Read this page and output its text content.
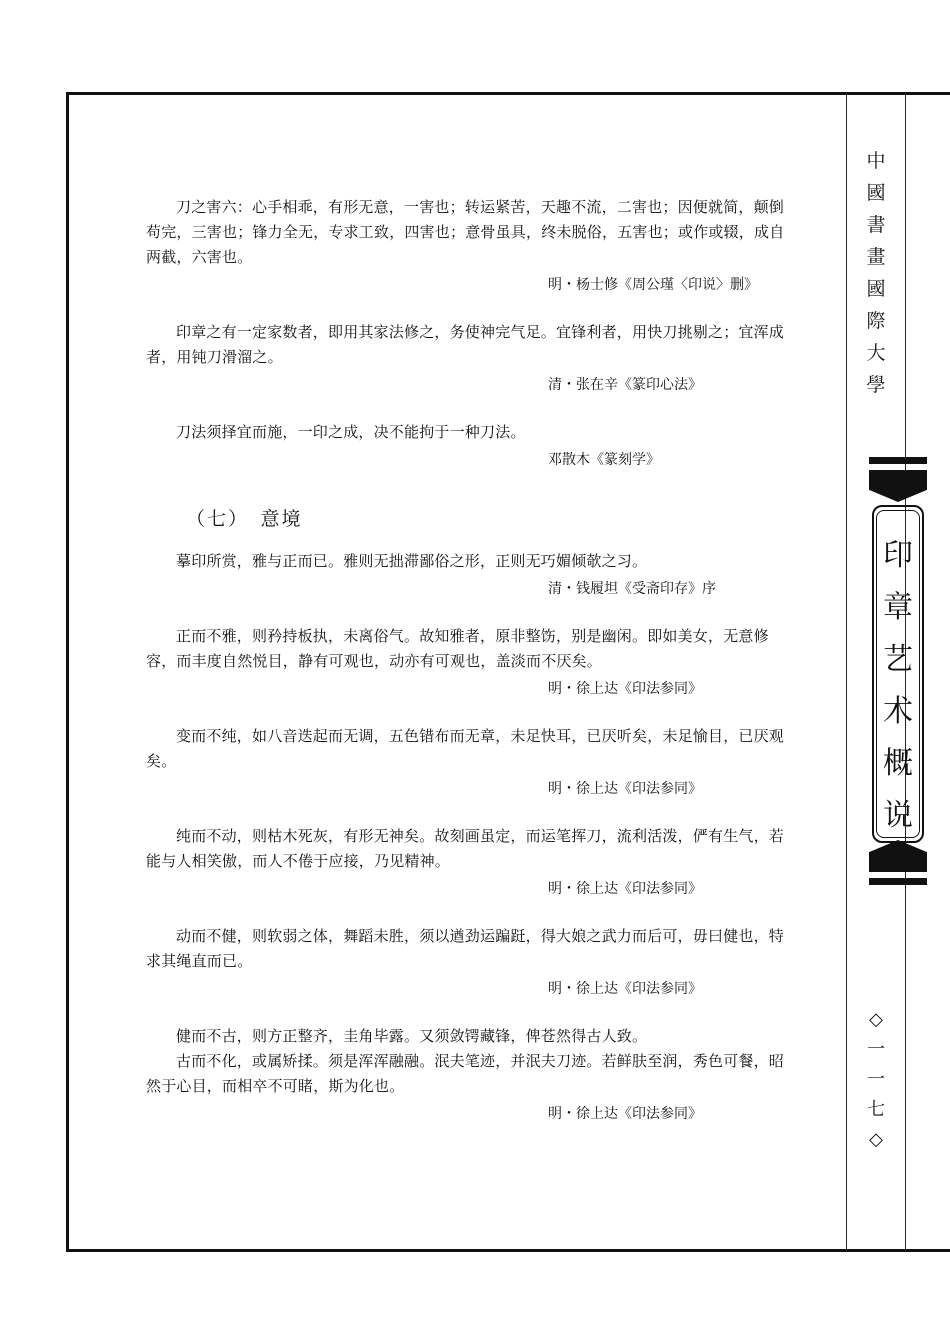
中
國
書
畫
國
際
大
學
印
章
艺
术
概
说
◇
一
一
七
◇

刀之害六：心手相乖，有形无意，一害也；转运紧苦，天趣不流，二害也；因便就简，颠倒苟完，三害也；锋力全无，专求工致，四害也；意骨虽具，终未脱俗，五害也；或作或辍，成自两截，六害也。

明・杨士修《周公瑾〈印说〉删》

印章之有一定家数者，即用其家法修之，务使神完气足。宜锋利者，用快刀挑剔之；宜浑成者，用钝刀滑溜之。

清・张在辛《篆印心法》

刀法须择宜而施，一印之成，决不能拘于一种刀法。

邓散木《篆刻学》
（七）　意境

摹印所赏，雅与正而已。雅则无拙滞鄙俗之形，正则无巧媚倾欹之习。

清・钱履坦《受斋印存》序

正而不雅，则矜持板执，未离俗气。故知雅者，原非整饬，别是幽闲。即如美女，无意修容，而丰度自然悦目，静有可观也，动亦有可观也，盖淡而不厌矣。

明・徐上达《印法参同》

变而不纯，如八音迭起而无调，五色错布而无章，未足快耳，已厌听矣，未足愉目，已厌观矣。

明・徐上达《印法参同》

纯而不动，则枯木死灰，有形无神矣。故刻画虽定，而运笔挥刀，流利活泼，俨有生气，若能与人相笑傲，而人不倦于应接，乃见精神。

明・徐上达《印法参同》

动而不健，则软弱之体，舞蹈未胜，须以遒劲运蹁跹，得大娘之武力而后可，毋曰健也，特求其绳直而已。

明・徐上达《印法参同》

健而不古，则方正整齐，圭角毕露。又须敛锷藏锋，俾苍然得古人致。

古而不化，或属矫揉。须是浑浑融融。泯夫笔迹，并泯夫刀迹。若鲜肤至润，秀色可餐，昭然于心目，而相卒不可睹，斯为化也。

明・徐上达《印法参同》
